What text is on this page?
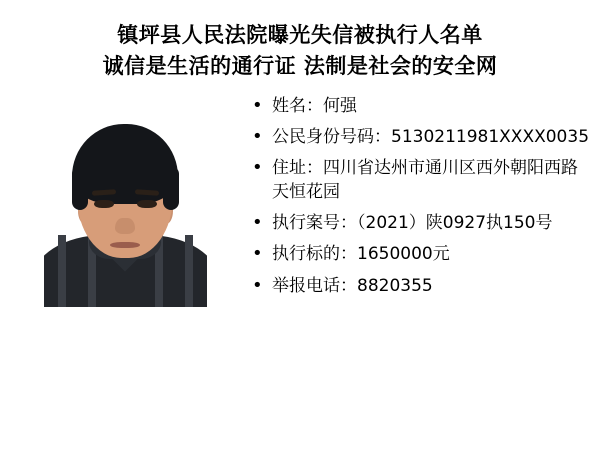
镇坪县人民法院曝光失信被执行人名单
诚信是生活的通行证 法制是社会的安全网
• 姓名：何强
• 公民身份号码：5130211981XXXX0035
• 住址：四川省达州市通川区西外朝阳西路天恒花园
• 执行案号：（2021）陕0927执150号
• 执行标的：1650000元
• 举报电话：8820355
